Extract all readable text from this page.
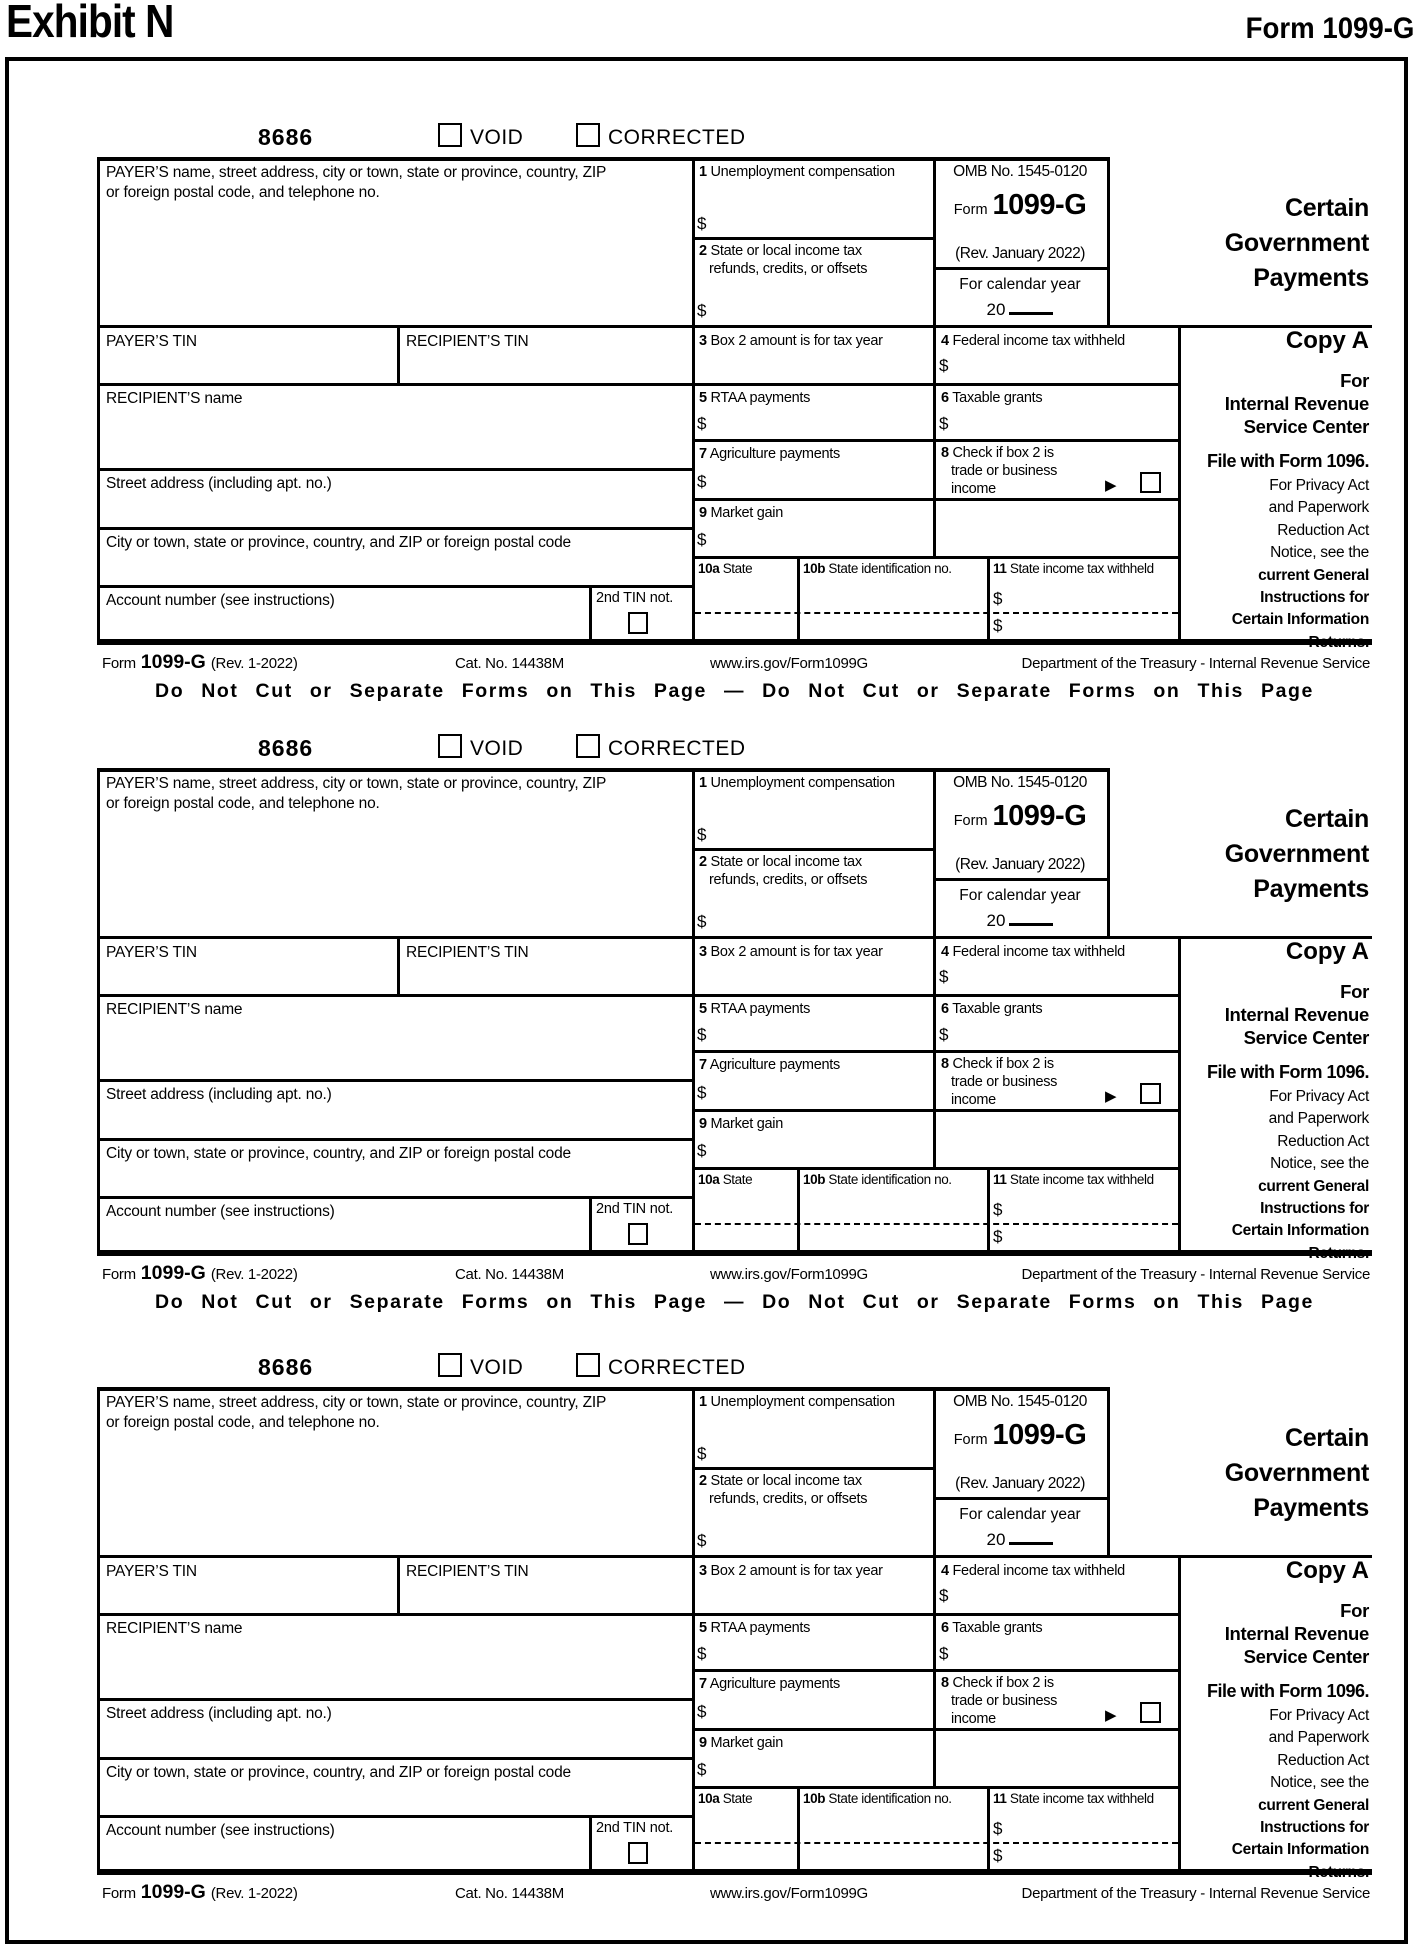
Exhibit N	Form 1099-G
8686	VOID	CORRECTED
PAYER’S name, street address, city or town, state or province, country, ZIP
or foreign postal code, and telephone no.
PAYER’S TIN	RECIPIENT’S TIN
RECIPIENT’S name
Street address (including apt. no.)
City or town, state or province, country, and ZIP or foreign postal code
Account number (see instructions)	2nd TIN not.
1 Unemployment compensation
$
2 State or local income tax
refunds, credits, or offsets
$
OMB No. 1545-0120
Form 1099-G
(Rev. January 2022)
For calendar year
20
Certain
Government
Payments
3 Box 2 amount is for tax year	4 Federal income tax withheld
$
5 RTAA payments
$
6 Taxable grants
$
7 Agriculture payments
$
8 Check if box 2 is
trade or business
income	▶
9 Market gain
$
10a State	10b State identification no.	11 State income tax withheld
$
$
Copy A
For
Internal Revenue
Service Center
File with Form 1096.
For Privacy Act
and Paperwork
Reduction Act
Notice, see the
current General
Instructions for
Certain Information
Returns.
Form 1099-G (Rev. 1-2022)	Cat. No. 14438M	www.irs.gov/Form1099G	Department of the Treasury - Internal Revenue Service
Do Not Cut or Separate Forms on This Page — Do Not Cut or Separate Forms on This Page
8686	VOID	CORRECTED
PAYER’S name, street address, city or town, state or province, country, ZIP
or foreign postal code, and telephone no.
PAYER’S TIN	RECIPIENT’S TIN
RECIPIENT’S name
Street address (including apt. no.)
City or town, state or province, country, and ZIP or foreign postal code
Account number (see instructions)	2nd TIN not.
1 Unemployment compensation
$
2 State or local income tax
refunds, credits, or offsets
$
OMB No. 1545-0120
Form 1099-G
(Rev. January 2022)
For calendar year
20
Certain
Government
Payments
3 Box 2 amount is for tax year	4 Federal income tax withheld
$
5 RTAA payments
$
6 Taxable grants
$
7 Agriculture payments
$
8 Check if box 2 is
trade or business
income	▶
9 Market gain
$
10a State	10b State identification no.	11 State income tax withheld
$
$
Copy A
For
Internal Revenue
Service Center
File with Form 1096.
For Privacy Act
and Paperwork
Reduction Act
Notice, see the
current General
Instructions for
Certain Information
Returns.
Form 1099-G (Rev. 1-2022)	Cat. No. 14438M	www.irs.gov/Form1099G	Department of the Treasury - Internal Revenue Service
Do Not Cut or Separate Forms on This Page — Do Not Cut or Separate Forms on This Page
8686	VOID	CORRECTED
PAYER’S name, street address, city or town, state or province, country, ZIP
or foreign postal code, and telephone no.
PAYER’S TIN	RECIPIENT’S TIN
RECIPIENT’S name
Street address (including apt. no.)
City or town, state or province, country, and ZIP or foreign postal code
Account number (see instructions)	2nd TIN not.
1 Unemployment compensation
$
2 State or local income tax
refunds, credits, or offsets
$
OMB No. 1545-0120
Form 1099-G
(Rev. January 2022)
For calendar year
20
Certain
Government
Payments
3 Box 2 amount is for tax year	4 Federal income tax withheld
$
5 RTAA payments
$
6 Taxable grants
$
7 Agriculture payments
$
8 Check if box 2 is
trade or business
income	▶
9 Market gain
$
10a State	10b State identification no.	11 State income tax withheld
$
$
Copy A
For
Internal Revenue
Service Center
File with Form 1096.
For Privacy Act
and Paperwork
Reduction Act
Notice, see the
current General
Instructions for
Certain Information
Returns.
Form 1099-G (Rev. 1-2022)	Cat. No. 14438M	www.irs.gov/Form1099G	Department of the Treasury - Internal Revenue Service
